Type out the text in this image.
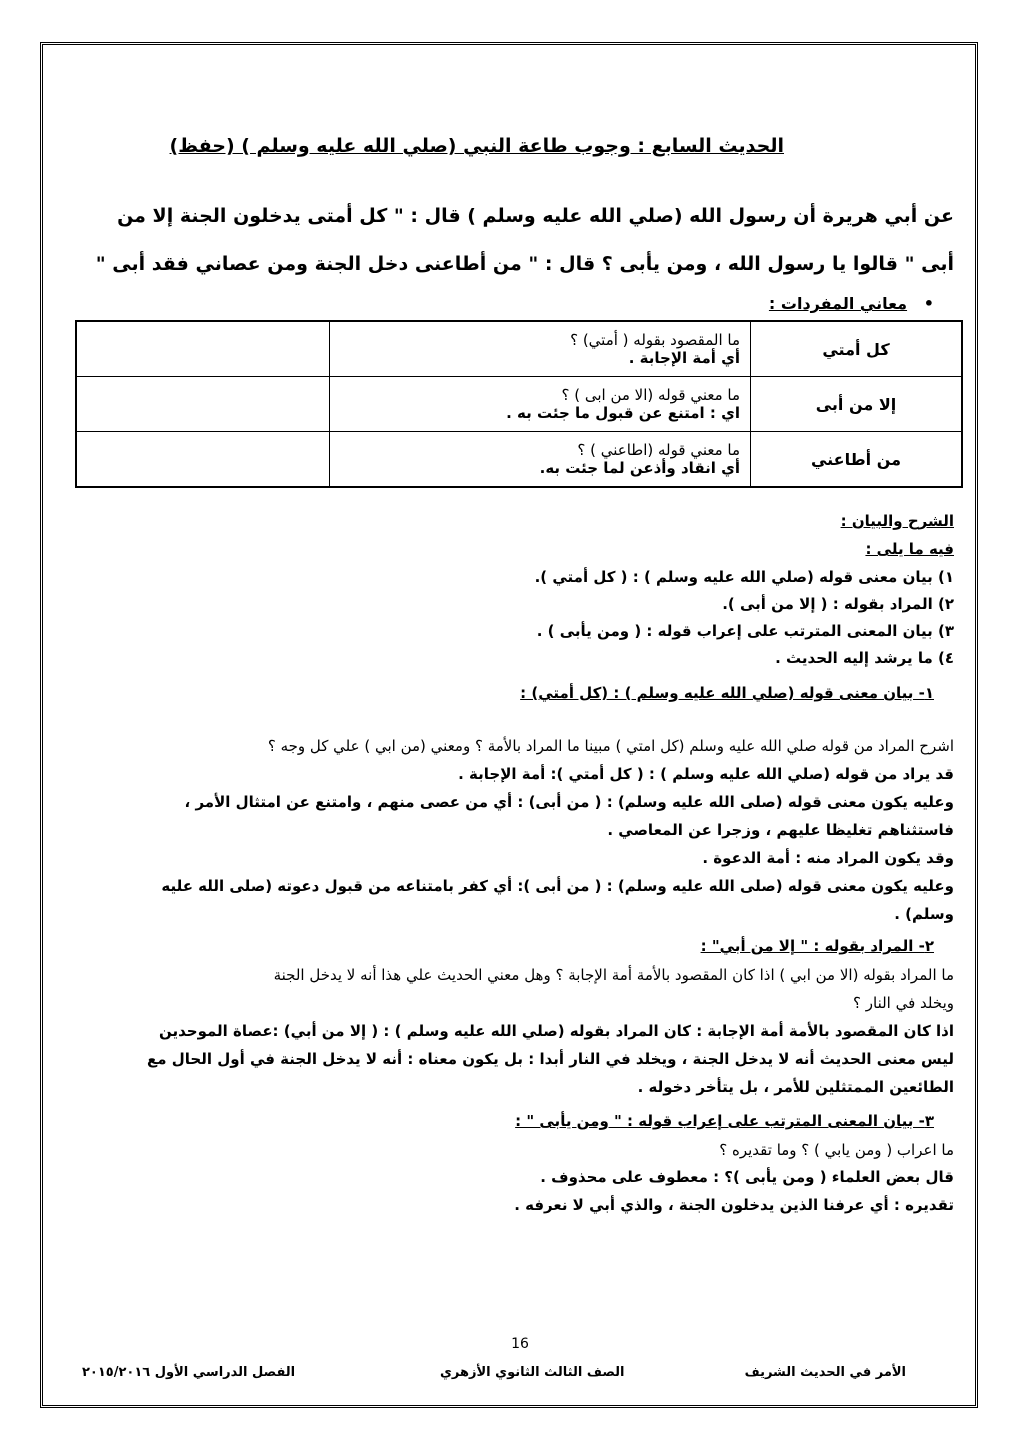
الحديث السابع : وجوب طاعة النبي (صلي الله عليه وسلم ) (حفظ)
عن أبي هريرة أن رسول الله (صلي الله عليه وسلم ) قال : " كل أمتى يدخلون الجنة إلا من
أبى " قالوا يا رسول الله ، ومن يأبى ؟ قال : " من أطاعنى دخل الجنة ومن عصاني فقد أبى "
•   معاني المفردات :
كل أمتي	ما المقصود بقوله ( أمتي) ؟
أي أمة الإجابة .	

إلا من أبى	ما معني قوله (الا من ابى ) ؟
اي : امتنع عن قبول ما جئت به .	

من أطاعني	ما معني قوله (اطاعني ) ؟
أي انقاد وأذعن لما جئت به.	

الشرح والبيان :
فيه ما يلى :
١) بيان معنى قوله (صلي الله عليه وسلم ) : ( كل أمتي ).
٢) المراد بقوله : ( إلا من أبى ).
٣) بيان المعنى المترتب على إعراب قوله : ( ومن يأبى ) .
٤) ما يرشد إليه الحديث .
١- بيان معنى قوله (صلي الله عليه وسلم ) : (كل أمتي) :
اشرح المراد من قوله صلي الله عليه وسلم (كل امتي ) مبينا ما المراد بالأمة ؟ ومعني (من ابي ) علي كل وجه ؟
قد يراد من قوله (صلي الله عليه وسلم ) : ( كل أمتي ): أمة الإجابة .
وعليه يكون معنى قوله (صلى الله عليه وسلم) : ( من أبى) : أي من عصى منهم ، وامتنع عن امتثال الأمر ،
فاستثناهم تغليظا عليهم ، وزجرا عن المعاصي .
وقد يكون المراد منه : أمة الدعوة .
وعليه يكون معنى قوله (صلى الله عليه وسلم) : ( من أبى ): أي كفر بامتناعه من قبول دعوته (صلى الله عليه
وسلم) .
٢- المراد بقوله : " إلا من أبي" :
ما المراد بقوله (الا من ابي ) اذا كان المقصود بالأمة أمة الإجابة ؟ وهل معني الحديث علي هذا أنه لا يدخل الجنة
ويخلد في النار ؟
اذا كان المقصود بالأمة أمة الإجابة : كان المراد بقوله (صلي الله عليه وسلم ) : ( إلا من أبي) :عصاة الموحدين
ليس معنى الحديث أنه لا يدخل الجنة ، ويخلد في النار أبدا : بل يكون معناه : أنه لا يدخل الجنة في أول الحال مع
الطائعين الممتثلين للأمر ، بل يتأخر دخوله .
٣- بيان المعنى المترتب على إعراب قوله : " ومن يأبى " :
ما اعراب ( ومن يابي ) ؟ وما تقديره ؟
قال بعض العلماء ( ومن يأبى )؟ : معطوف على محذوف .
تقديره : أي عرفنا الذين يدخلون الجنة ، والذي أبي لا نعرفه .
16
الأمر في الحديث الشريف
الصف الثالث الثانوي الأزهري
الفصل الدراسي الأول ٢٠١٥/٢٠١٦
